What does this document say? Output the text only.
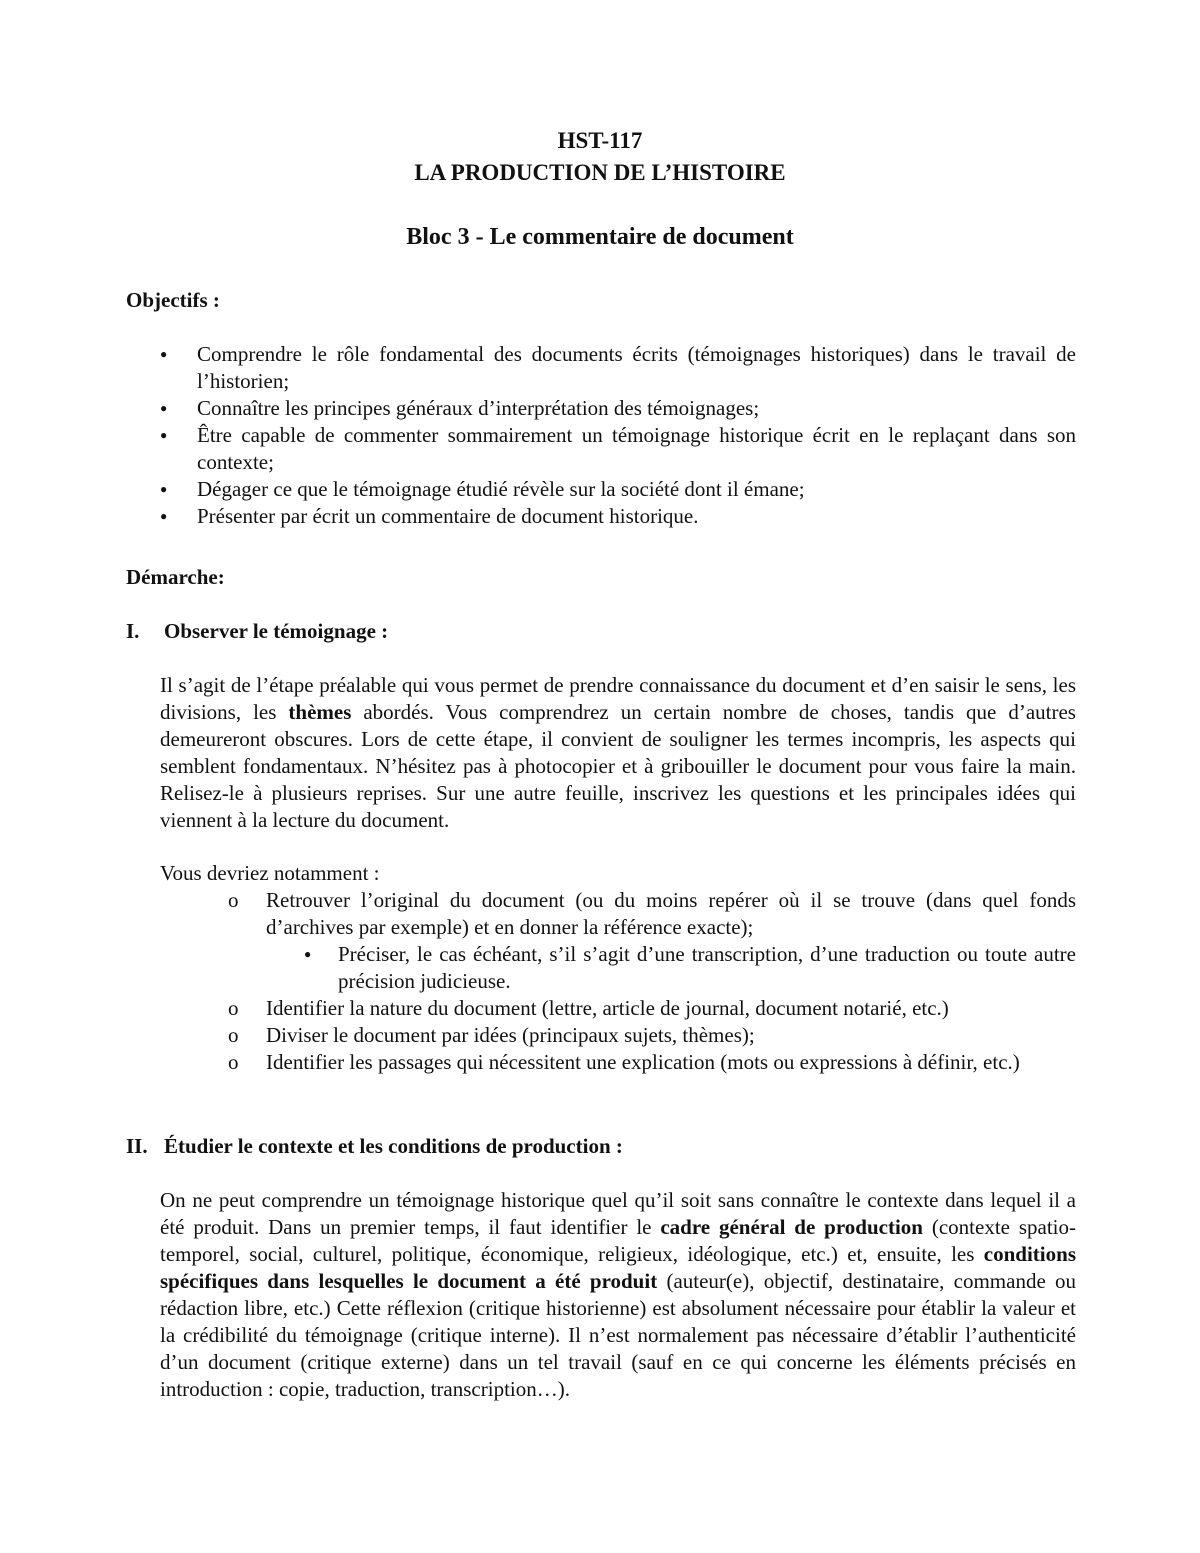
HST-117
LA PRODUCTION DE L’HISTOIRE
Bloc 3 - Le commentaire de document
Objectifs :
●
Comprendre le rôle fondamental des documents écrits (témoignages historiques) dans le travail de l’historien;
●
Connaître les principes généraux d’interprétation des témoignages;
●
Être capable de commenter sommairement un témoignage historique écrit en le replaçant dans son contexte;
●
Dégager ce que le témoignage étudié révèle sur la société dont il émane;
●
Présenter par écrit un commentaire de document historique.
Démarche:
I. Observer le témoignage :
Il s’agit de l’étape préalable qui vous permet de prendre connaissance du document et d’en saisir le sens, les divisions, les thèmes abordés. Vous comprendrez un certain nombre de choses, tandis que d’autres demeureront obscures. Lors de cette étape, il convient de souligner les termes incompris, les aspects qui semblent fondamentaux. N’hésitez pas à photocopier et à gribouiller le document pour vous faire la main. Relisez-le à plusieurs reprises. Sur une autre feuille, inscrivez les questions et les principales idées qui viennent à la lecture du document.
Vous devriez notamment :
o Retrouver l’original du document (ou du moins repérer où il se trouve (dans quel fonds d’archives par exemple) et en donner la référence exacte);
●
Préciser, le cas échéant, s’il s’agit d’une transcription, d’une traduction ou toute autre précision judicieuse.
o Identifier la nature du document (lettre, article de journal, document notarié, etc.)
o Diviser le document par idées (principaux sujets, thèmes);
o Identifier les passages qui nécessitent une explication (mots ou expressions à définir, etc.)
II. Étudier le contexte et les conditions de production :
On ne peut comprendre un témoignage historique quel qu’il soit sans connaître le contexte dans lequel il a été produit. Dans un premier temps, il faut identifier le cadre général de production (contexte spatio-temporel, social, culturel, politique, économique, religieux, idéologique, etc.) et, ensuite, les conditions spécifiques dans lesquelles le document a été produit (auteur(e), objectif, destinataire, commande ou rédaction libre, etc.) Cette réflexion (critique historienne) est absolument nécessaire pour établir la valeur et la crédibilité du témoignage (critique interne). Il n’est normalement pas nécessaire d’établir l’authenticité d’un document (critique externe) dans un tel travail (sauf en ce qui concerne les éléments précisés en introduction : copie, traduction, transcription…).
